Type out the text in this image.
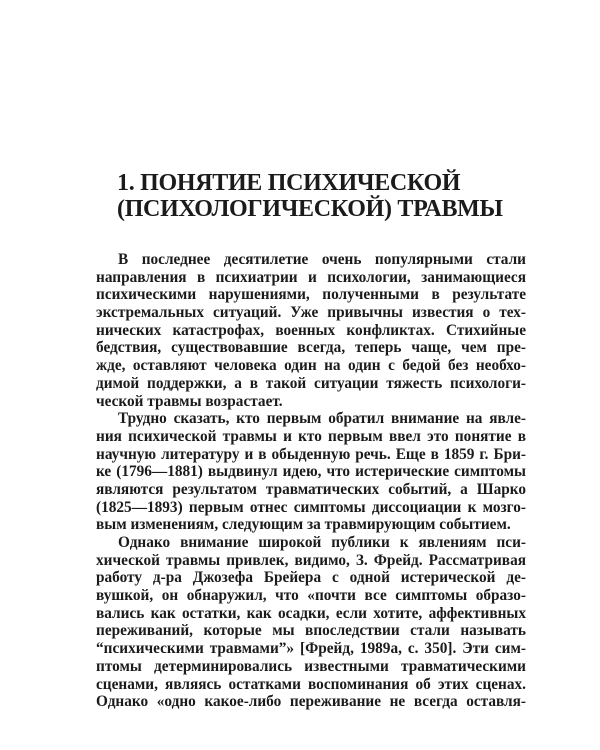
1. ПОНЯТИЕ ПСИХИЧЕСКОЙ
(ПСИХОЛОГИЧЕСКОЙ) ТРАВМЫ
В последнее десятилетие очень популярными стали
направления в психиатрии и психологии, занимающиеся
психическими нарушениями, полученными в результате
экстремальных ситуаций. Уже привычны известия о тех-
нических катастрофах, военных конфликтах. Стихийные
бедствия, существовавшие всегда, теперь чаще, чем пре-
жде, оставляют человека один на один с бедой без необхо-
димой поддержки, а в такой ситуации тяжесть психологи-
ческой травмы возрастает.
Трудно сказать, кто первым обратил внимание на явле-
ния психической травмы и кто первым ввел это понятие в
научную литературу и в обыденную речь. Еще в 1859 г. Бри-
ке (1796—1881) выдвинул идею, что истерические симптомы
являются результатом травматических событий, а Шарко
(1825—1893) первым отнес симптомы диссоциации к мозго-
вым изменениям, следующим за травмирующим событием.
Однако внимание широкой публики к явлениям пси-
хической травмы привлек, видимо, З. Фрейд. Рассматривая
работу д-ра Джозефа Брейера с одной истерической де-
вушкой, он обнаружил, что «почти все симптомы образо-
вались как остатки, как осадки, если хотите, аффективных
переживаний, которые мы впоследствии стали называть
“психическими травмами”» [Фрейд, 1989а, с. 350]. Эти сим-
птомы детерминировались известными травматическими
сценами, являясь остатками воспоминания об этих сценах.
Однако «одно какое-либо переживание не всегда оставля-
